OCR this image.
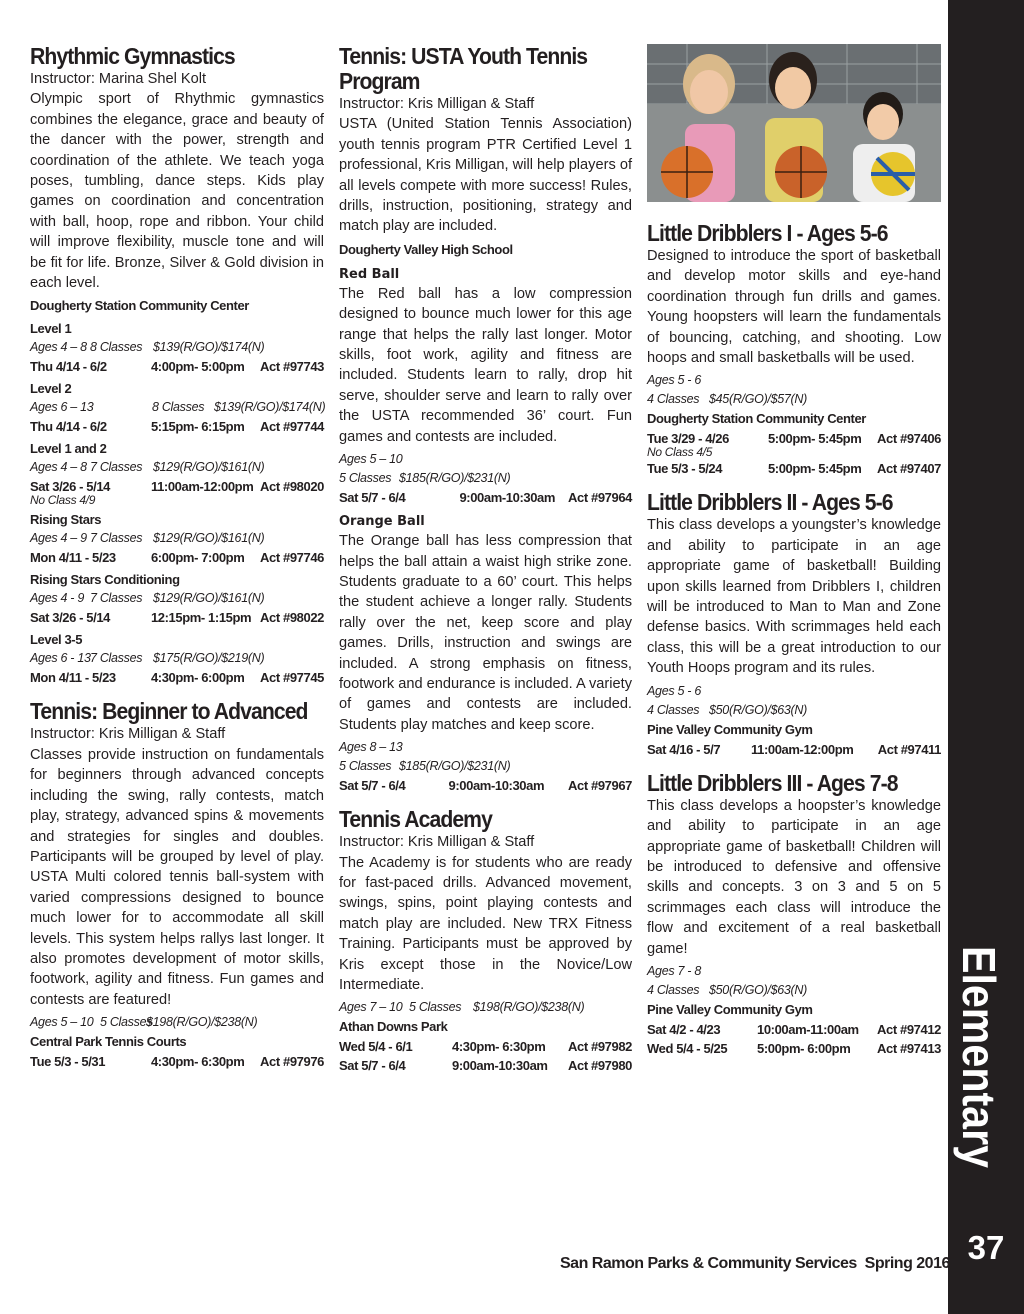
Rhythmic Gymnastics
Instructor: Marina Shel Kolt
Olympic sport of Rhythmic gymnastics combines the elegance, grace and beauty of the dancer with the power, strength and coordination of the athlete. We teach yoga poses, tumbling, dance steps. Kids play games on coordination and concentration with ball, hoop, rope and ribbon. Your child will improve flexibility, muscle tone and will be fit for life. Bronze, Silver & Gold division in each level.
Dougherty Station Community Center
Level 1
Ages 4 – 8 8 Classes $139(R/GO)/$174(N)
Thu 4/14 - 6/2	4:00pm- 5:00pm	Act #97743
Level 2
Ages 6 – 13	8 Classes $139(R/GO)/$174(N)
Thu 4/14 - 6/2	5:15pm- 6:15pm	Act #97744
Level 1 and 2
Ages 4 – 8 7 Classes $129(R/GO)/$161(N)
Sat 3/26 - 5/14	11:00am-12:00pm Act #98020
No Class 4/9
Rising Stars
Ages 4 – 9 7 Classes $129(R/GO)/$161(N)
Mon 4/11 - 5/23	6:00pm- 7:00pm	Act #97746
Rising Stars Conditioning
Ages 4 - 9 7 Classes $129(R/GO)/$161(N)
Sat 3/26 - 5/14	12:15pm- 1:15pm Act #98022
Level 3-5
Ages 6 - 137 Classes $175(R/GO)/$219(N)
Mon 4/11 - 5/23	4:30pm- 6:00pm	Act #97745
Tennis: Beginner to Advanced
Instructor: Kris Milligan & Staff
Classes provide instruction on fundamentals for beginners through advanced concepts including the swing, rally contests, match play, strategy, advanced spins & movements and strategies for singles and doubles. Participants will be grouped by level of play. USTA Multi colored tennis ball-system with varied compressions designed to bounce much lower for to accommodate all skill levels. This system helps rallys last longer. It also promotes development of motor skills, footwork, agility and fitness. Fun games and contests are featured!
Ages 5 – 10 5 Classes$198(R/GO)/$238(N)
Central Park Tennis Courts
Tue 5/3 - 5/31	4:30pm- 6:30pm	Act #97976
Tennis: USTA Youth Tennis Program
Instructor: Kris Milligan & Staff
USTA (United Station Tennis Association) youth tennis program PTR Certified Level 1 professional, Kris Milligan, will help players of all levels compete with more success! Rules, drills, instruction, positioning, strategy and match play are included.
Dougherty Valley High School
Red Ball
The Red ball has a low compression designed to bounce much lower for this age range that helps the rally last longer. Motor skills, foot work, agility and fitness are included. Students learn to rally, drop hit serve, shoulder serve and learn to rally over the USTA recommended 36’ court. Fun games and contests are included.
Ages 5 – 10
5 Classes $185(R/GO)/$231(N)
Sat 5/7 - 6/4	9:00am-10:30am	Act #97964
Orange Ball
The Orange ball has less compression that helps the ball attain a waist high strike zone. Students graduate to a 60’ court. This helps the student achieve a longer rally. Students rally over the net, keep score and play games. Drills, instruction and swings are included. A strong emphasis on fitness, footwork and endurance is included. A variety of games and contests are included. Students play matches and keep score.
Ages 8 – 13
5 Classes $185(R/GO)/$231(N)
Sat 5/7 - 6/4	9:00am-10:30am	Act #97967
Tennis Academy
Instructor: Kris Milligan & Staff
The Academy is for students who are ready for fast-paced drills. Advanced movement, swings, spins, point playing contests and match play are included. New TRX Fitness Training. Participants must be approved by Kris except those in the Novice/Low Intermediate.
Ages 7 – 10 5 Classes $198(R/GO)/$238(N)
Athan Downs Park
Wed 5/4 - 6/1	4:30pm- 6:30pm	Act #97982
Sat 5/7 - 6/4	9:00am-10:30am	Act #97980
Little Dribblers I - Ages 5-6
Designed to introduce the sport of basketball and develop motor skills and eye-hand coordination through fun drills and games. Young hoopsters will learn the fundamentals of bouncing, catching, and shooting. Low hoops and small basketballs will be used.
Ages 5 - 6
4 Classes $45(R/GO)/$57(N)
Dougherty Station Community Center
Tue 3/29 - 4/26	5:00pm- 5:45pm	Act #97406
No Class 4/5
Tue 5/3 - 5/24	5:00pm- 5:45pm	Act #97407
Little Dribblers II - Ages 5-6
This class develops a youngster’s knowledge and ability to participate in an age appropriate game of basketball! Building upon skills learned from Dribblers I, children will be introduced to Man to Man and Zone defense basics. With scrimmages held each class, this will be a great introduction to our Youth Hoops program and its rules.
Ages 5 - 6
4 Classes $50(R/GO)/$63(N)
Pine Valley Community Gym
Sat 4/16 - 5/7	11:00am-12:00pm	Act #97411
Little Dribblers III - Ages 7-8
This class develops a hoopster’s knowledge and ability to participate in an age appropriate game of basketball! Children will be introduced to defensive and offensive skills and concepts. 3 on 3 and 5 on 5 scrimmages each class will introduce the flow and excitement of a real basketball game!
Ages 7 - 8
4 Classes $50(R/GO)/$63(N)
Pine Valley Community Gym
Sat 4/2 - 4/23	10:00am-11:00am	Act #97412
Wed 5/4 - 5/25	5:00pm- 6:00pm	Act #97413 Elementary
37
San Ramon Parks & Community Services Spring 2016
